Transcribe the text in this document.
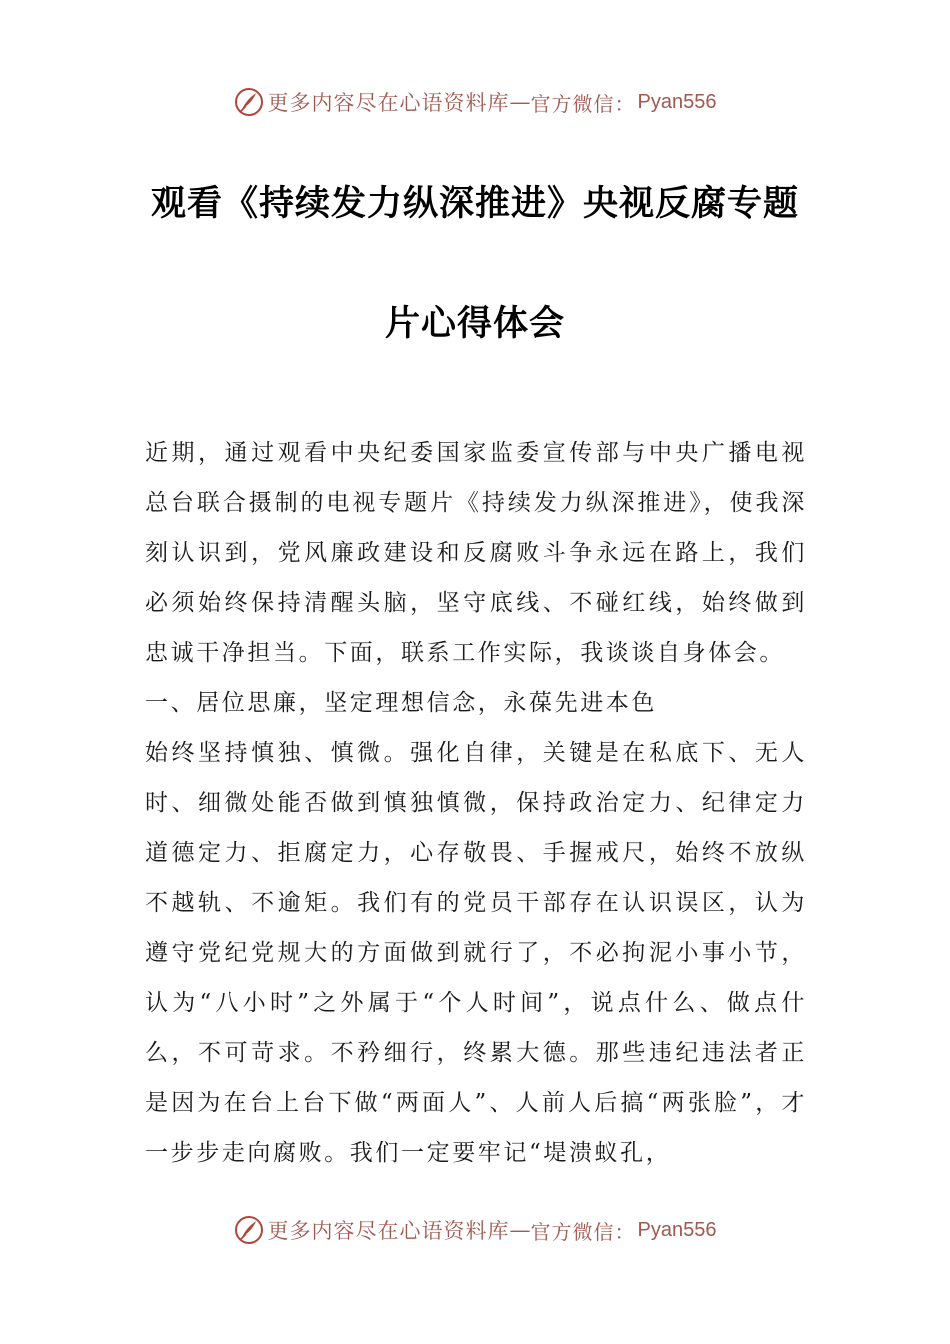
更多内容尽在心语资料库 — 官方微信： Pyan556
观看《持续发力纵深推进》央视反腐专题
片心得体会

近期，通过观看中央纪委国家监委宣传部与中央广播电视总台联合摄制的电视专题片《持续发力纵深推进》，使我深刻认识到，党风廉政建设和反腐败斗争永远在路上，我们必须始终保持清醒头脑，坚守底线、不碰红线，始终做到忠诚干净担当。下面，联系工作实际，我谈谈自身体会。

一、居位思廉，坚定理想信念，永葆先进本色

始终坚持慎独、慎微。强化自律，关键是在私底下、无人时、细微处能否做到慎独慎微，保持政治定力、纪律定力道德定力、拒腐定力，心存敬畏、手握戒尺，始终不放纵不越轨、不逾矩。我们有的党员干部存在认识误区，认为遵守党纪党规大的方面做到就行了，不必拘泥小事小节，认为“八小时”之外属于“个人时间”，说点什么、做点什么，不可苛求。不矜细行，终累大德。那些违纪违法者正是因为在台上台下做“两面人”、人前人后搞“两张脸”，才一步步走向腐败。我们一定要牢记“堤溃蚁孔，

更多内容尽在心语资料库 — 官方微信： Pyan556
